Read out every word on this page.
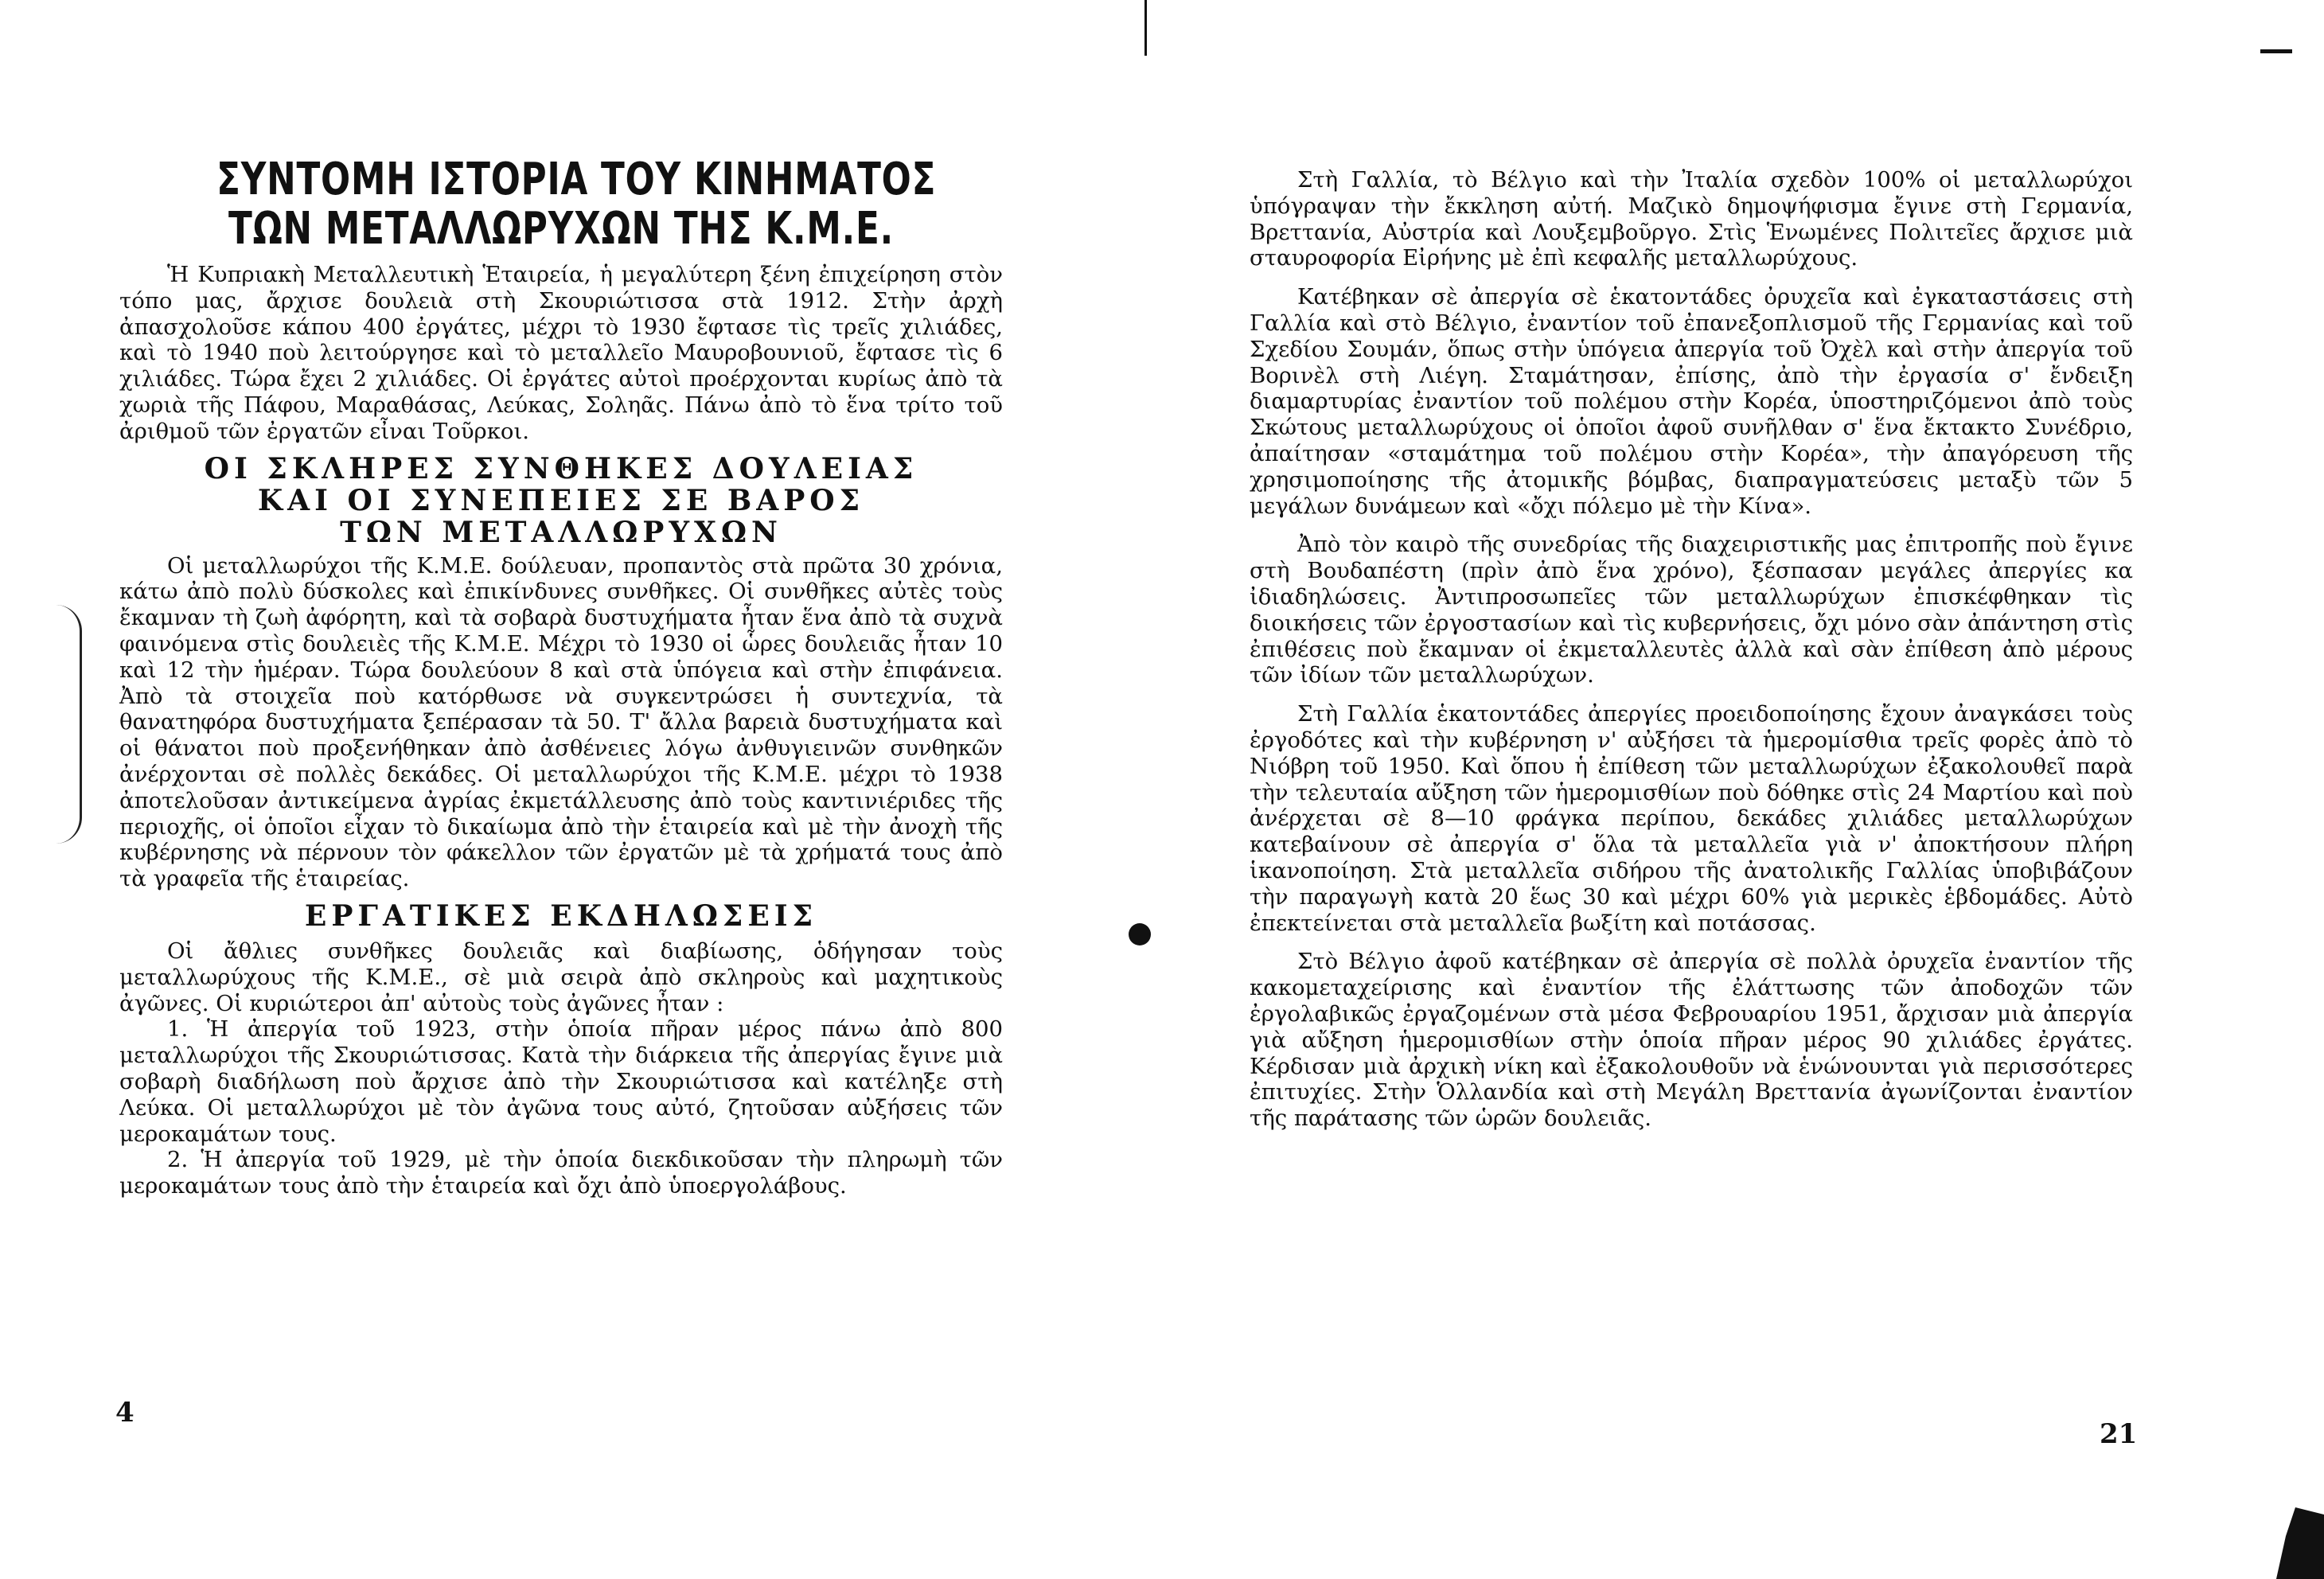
ΣΥΝΤΟΜΗ ΙΣΤΟΡΙΑ ΤΟΥ ΚΙΝΗΜΑΤΟΣ
ΤΩΝ ΜΕΤΑΛΛΩΡΥΧΩΝ ΤΗΣ Κ.Μ.Ε.

Ἡ Κυπριακὴ Μεταλλευτικὴ Ἑταιρεία, ἡ μεγαλύτερη ξένη ἐπιχείρηση στὸν τόπο μας, ἄρχισε δουλειὰ στὴ Σκουριώτισσα στὰ 1912. Στὴν ἀρχὴ ἀπασχολοῦσε κάπου 400 ἐργάτες, μέχρι τὸ 1930 ἔφτασε τὶς τρεῖς χιλιάδες, καὶ τὸ 1940 ποὺ λειτούργησε καὶ τὸ μεταλλεῖο Μαυροβουνιοῦ, ἔφτασε τὶς 6 χιλιάδες. Τώρα ἔχει 2 χιλιάδες. Οἱ ἐργάτες αὐτοὶ προέρχονται κυρίως ἀπὸ τὰ χωριὰ τῆς Πάφου, Μαραθάσας, Λεύκας, Σοληᾶς. Πάνω ἀπὸ τὸ ἕνα τρίτο τοῦ ἀριθμοῦ τῶν ἐργατῶν εἶναι Τοῦρκοι.

ΟΙ ΣΚΛΗΡΕΣ ΣΥΝΘΗΚΕΣ ΔΟΥΛΕΙΑΣ
ΚΑΙ ΟΙ ΣΥΝΕΠΕΙΕΣ ΣΕ ΒΑΡΟΣ
ΤΩΝ ΜΕΤΑΛΛΩΡΥΧΩΝ

Οἱ μεταλλωρύχοι τῆς Κ.Μ.Ε. δούλευαν, προπαντὸς στὰ πρῶτα 30 χρόνια, κάτω ἀπὸ πολὺ δύσκολες καὶ ἐπικίνδυνες συνθῆκες. Οἱ συνθῆκες αὐτὲς τοὺς ἔκαμναν τὴ ζωὴ ἀφόρητη, καὶ τὰ σοβαρὰ δυστυχήματα ἦταν ἕνα ἀπὸ τὰ συχνὰ φαινόμενα στὶς δουλειὲς τῆς Κ.Μ.Ε. Μέχρι τὸ 1930 οἱ ὧρες δουλειᾶς ἦταν 10 καὶ 12 τὴν ἡμέραν. Τώρα δουλεύουν 8 καὶ στὰ ὑπόγεια καὶ στὴν ἐπιφάνεια. Ἀπὸ τὰ στοιχεῖα ποὺ κατόρθωσε νὰ συγκεντρώσει ἡ συντεχνία, τὰ θανατηφόρα δυστυχήματα ξεπέρασαν τὰ 50. Τ' ἄλλα βαρειὰ δυστυχήματα καὶ οἱ θάνατοι ποὺ προξενήθηκαν ἀπὸ ἀσθένειες λόγω ἀνθυγιεινῶν συνθηκῶν ἀνέρχονται σὲ πολλὲς δεκάδες. Οἱ μεταλλωρύχοι τῆς Κ.Μ.Ε. μέχρι τὸ 1938 ἀποτελοῦσαν ἀντικείμενα ἀγρίας ἐκμετάλλευσης ἀπὸ τοὺς καντινιέριδες τῆς περιοχῆς, οἱ ὁποῖοι εἶχαν τὸ δικαίωμα ἀπὸ τὴν ἑταιρεία καὶ μὲ τὴν ἀνοχὴ τῆς κυβέρνησης νὰ πέρνουν τὸν φάκελλον τῶν ἐργατῶν μὲ τὰ χρήματά τους ἀπὸ τὰ γραφεῖα τῆς ἑταιρείας.

ΕΡΓΑΤΙΚΕΣ ΕΚΔΗΛΩΣΕΙΣ

Οἱ ἄθλιες συνθῆκες δουλειᾶς καὶ διαβίωσης, ὁδήγησαν τοὺς μεταλλωρύχους τῆς Κ.Μ.Ε., σὲ μιὰ σειρὰ ἀπὸ σκληροὺς καὶ μαχητικοὺς ἀγῶνες. Οἱ κυριώτεροι ἀπ' αὐτοὺς τοὺς ἀγῶνες ἦταν :

1. Ἡ ἀπεργία τοῦ 1923, στὴν ὁποία πῆραν μέρος πάνω ἀπὸ 800 μεταλλωρύχοι τῆς Σκουριώτισσας. Κατὰ τὴν διάρκεια τῆς ἀπεργίας ἔγινε μιὰ σοβαρὴ διαδήλωση ποὺ ἄρχισε ἀπὸ τὴν Σκουριώτισσα καὶ κατέληξε στὴ Λεύκα. Οἱ μεταλλωρύχοι μὲ τὸν ἀγῶνα τους αὐτό, ζητοῦσαν αὐξήσεις τῶν μεροκαμάτων τους.

2. Ἡ ἀπεργία τοῦ 1929, μὲ τὴν ὁποία διεκδικοῦσαν τὴν πληρωμὴ τῶν μεροκαμάτων τους ἀπὸ τὴν ἑταιρεία καὶ ὄχι ἀπὸ ὑποεργολάβους.

4

Στὴ Γαλλία, τὸ Βέλγιο καὶ τὴν Ἰταλία σχεδὸν 100% οἱ μεταλλωρύχοι ὑπόγραψαν τὴν ἔκκληση αὐτή. Μαζικὸ δημοψήφισμα ἔγινε στὴ Γερμανία, Βρεττανία, Αὐστρία καὶ Λουξεμβοῦργο. Στὶς Ἑνωμένες Πολιτεῖες ἄρχισε μιὰ σταυροφορία Εἰρήνης μὲ ἐπὶ κεφαλῆς μεταλλωρύχους.

Κατέβηκαν σὲ ἀπεργία σὲ ἑκατοντάδες ὀρυχεῖα καὶ ἐγκαταστάσεις στὴ Γαλλία καὶ στὸ Βέλγιο, ἐναντίον τοῦ ἐπανεξοπλισμοῦ τῆς Γερμανίας καὶ τοῦ Σχεδίου Σουμάν, ὅπως στὴν ὑπόγεια ἀπεργία τοῦ Ὀχὲλ καὶ στὴν ἀπεργία τοῦ Βορινὲλ στὴ Λιέγη. Σταμάτησαν, ἐπίσης, ἀπὸ τὴν ἐργασία σ' ἔνδειξη διαμαρτυρίας ἐναντίον τοῦ πολέμου στὴν Κορέα, ὑποστηριζόμενοι ἀπὸ τοὺς Σκώτους μεταλλωρύχους οἱ ὁποῖοι ἀφοῦ συνῆλθαν σ' ἕνα ἔκτακτο Συνέδριο, ἀπαίτησαν «σταμάτημα τοῦ πολέμου στὴν Κορέα», τὴν ἀπαγόρευση τῆς χρησιμοποίησης τῆς ἀτομικῆς βόμβας, διαπραγματεύσεις μεταξὺ τῶν 5 μεγάλων δυνάμεων καὶ «ὄχι πόλεμο μὲ τὴν Κίνα».

Ἀπὸ τὸν καιρὸ τῆς συνεδρίας τῆς διαχειριστικῆς μας ἐπιτροπῆς ποὺ ἔγινε στὴ Βουδαπέστη (πρὶν ἀπὸ ἕνα χρόνο), ξέσπασαν μεγάλες ἀπεργίες κα ἰδιαδηλώσεις. Ἀντιπροσωπεῖες τῶν μεταλλωρύχων ἐπισκέφθηκαν τὶς διοικήσεις τῶν ἐργοστασίων καὶ τὶς κυβερνήσεις, ὄχι μόνο σὰν ἀπάντηση στὶς ἐπιθέσεις ποὺ ἔκαμναν οἱ ἐκμεταλλευτὲς ἀλλὰ καὶ σὰν ἐπίθεση ἀπὸ μέρους τῶν ἰδίων τῶν μεταλλωρύχων.

Στὴ Γαλλία ἑκατοντάδες ἀπεργίες προειδοποίησης ἔχουν ἀναγκάσει τοὺς ἐργοδότες καὶ τὴν κυβέρνηση ν' αὐξήσει τὰ ἡμερομίσθια τρεῖς φορὲς ἀπὸ τὸ Νιόβρη τοῦ 1950. Καὶ ὅπου ἡ ἐπίθεση τῶν μεταλλωρύχων ἐξακολουθεῖ παρὰ τὴν τελευταία αὔξηση τῶν ἡμερομισθίων ποὺ δόθηκε στὶς 24 Μαρτίου καὶ ποὺ ἀνέρχεται σὲ 8—10 φράγκα περίπου, δεκάδες χιλιάδες μεταλλωρύχων κατεβαίνουν σὲ ἀπεργία σ' ὅλα τὰ μεταλλεῖα γιὰ ν' ἀποκτήσουν πλήρη ἱκανοποίηση. Στὰ μεταλλεῖα σιδήρου τῆς ἀνατολικῆς Γαλλίας ὑποβιβάζουν τὴν παραγωγὴ κατὰ 20 ἕως 30 καὶ μέχρι 60% γιὰ μερικὲς ἑβδομάδες. Αὐτὸ ἐπεκτείνεται στὰ μεταλλεῖα βωξίτη καὶ ποτάσσας.

Στὸ Βέλγιο ἀφοῦ κατέβηκαν σὲ ἀπεργία σὲ πολλὰ ὀρυχεῖα ἐναντίον τῆς κακομεταχείρισης καὶ ἐναντίον τῆς ἐλάττωσης τῶν ἀποδοχῶν τῶν ἐργολαβικῶς ἐργαζομένων στὰ μέσα Φεβρουαρίου 1951, ἄρχισαν μιὰ ἀπεργία γιὰ αὔξηση ἡμερομισθίων στὴν ὁποία πῆραν μέρος 90 χιλιάδες ἐργάτες. Κέρδισαν μιὰ ἀρχικὴ νίκη καὶ ἐξακολουθοῦν νὰ ἑνώνουνται γιὰ περισσότερες ἐπιτυχίες. Στὴν Ὁλλανδία καὶ στὴ Μεγάλη Βρεττανία ἀγωνίζονται ἐναντίον τῆς παράτασης τῶν ὡρῶν δουλειᾶς.

21
